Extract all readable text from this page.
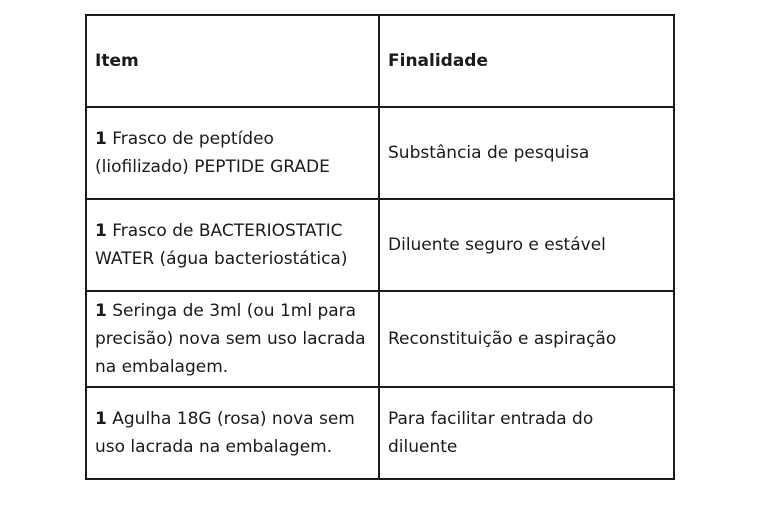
Item	Finalidade
1 Frasco de peptídeo (liofilizado) PEPTIDE GRADE	Substância de pesquisa
1 Frasco de BACTERIOSTATIC WATER (água bacteriostática)	Diluente seguro e estável
1 Seringa de 3ml (ou 1ml para precisão) nova sem uso lacrada na embalagem.	Reconstituição e aspiração
1 Agulha 18G (rosa) nova sem uso lacrada na embalagem.	Para facilitar entrada do diluente
